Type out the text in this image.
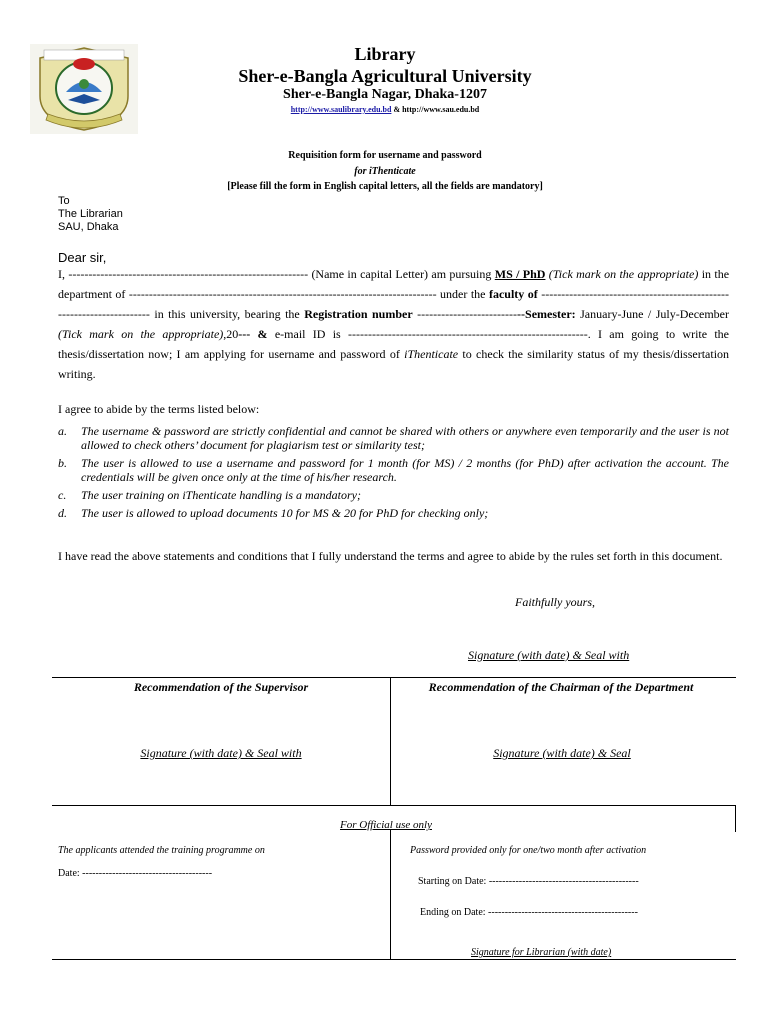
Library
Sher-e-Bangla Agricultural University
Sher-e-Bangla Nagar, Dhaka-1207
http://www.saulibrary.edu.bd & http://www.sau.edu.bd
Requisition form for username and password
for iThenticate
[Please fill the form in English capital letters, all the fields are mandatory]
To
The Librarian
SAU, Dhaka
Dear sir,
I, ------------------------------------------------------------ (Name in capital Letter) am pursuing MS / PhD (Tick mark on the appropriate) in the department of ----------------------------------------------------------------------------- under the faculty of ---------------------------------------------------------------------- in this university, bearing the Registration number ---------------------------Semester: January-June / July-December (Tick mark on the appropriate),20--- & e-mail ID is ------------------------------------------------------------. I am going to write the thesis/dissertation now; I am applying for username and password of iThenticate to check the similarity status of my thesis/dissertation writing.
I agree to abide by the terms listed below:
a. The username & password are strictly confidential and cannot be shared with others or anywhere even temporarily and the user is not allowed to check others’ document for plagiarism test or similarity test;
b. The user is allowed to use a username and password for 1 month (for MS) / 2 months (for PhD) after activation the account. The credentials will be given once only at the time of his/her research.
c. The user training on iThenticate handling is a mandatory;
d. The user is allowed to upload documents 10 for MS & 20 for PhD for checking only;
I have read the above statements and conditions that I fully understand the terms and agree to abide by the rules set forth in this document.
Faithfully yours,
Signature (with date) & Seal with
Recommendation of the Supervisor
Signature (with date) & Seal with
Recommendation of the Chairman of the Department
Signature (with date) & Seal
For Official use only
The applicants attended the training programme on
Date: ---------------------------------------
Password provided only for one/two month after activation
Starting on Date: ---------------------------------------------
Ending on Date: ---------------------------------------------
Signature for Librarian (with date)
